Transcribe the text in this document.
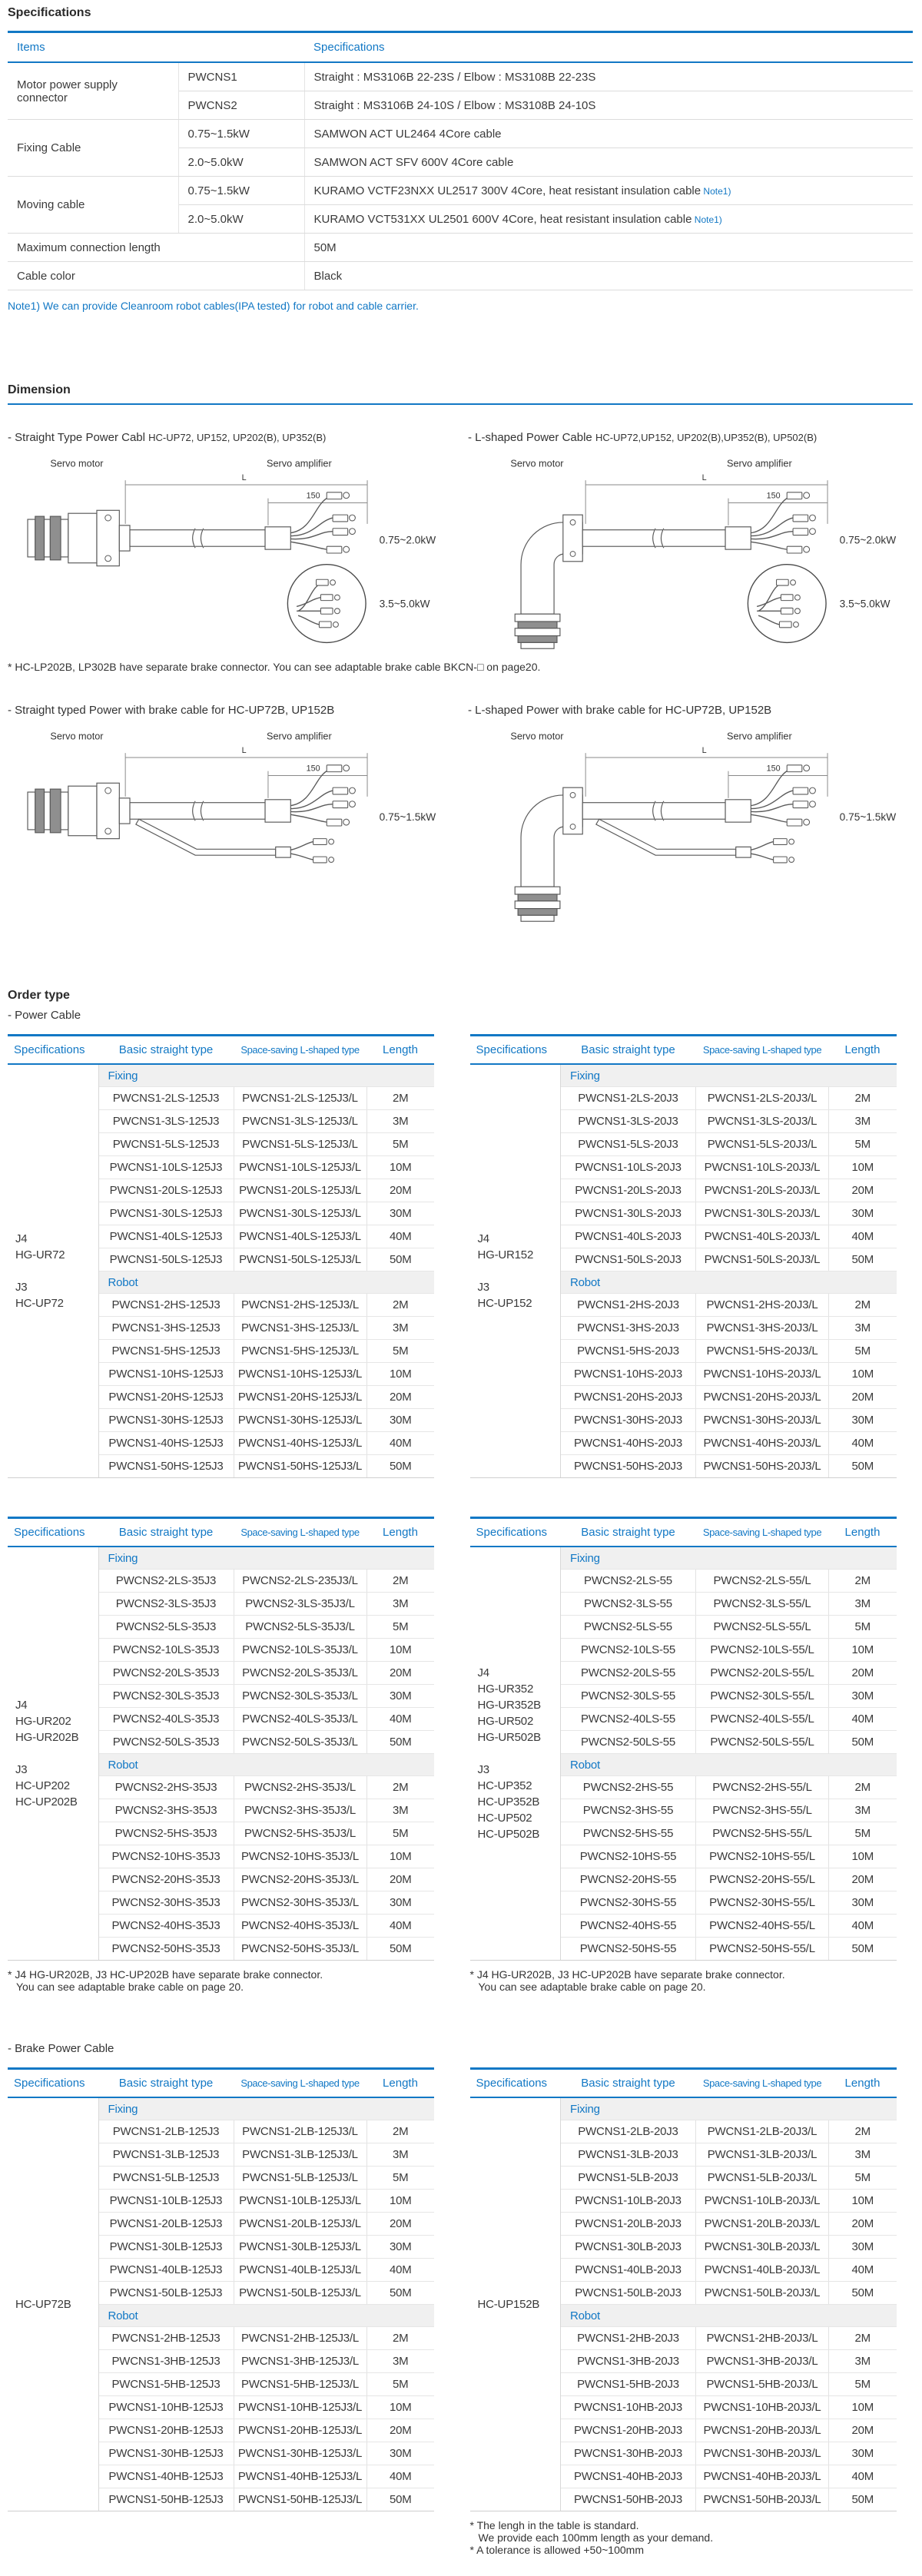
Specifications
Items		Specifications
Motor power supply connector	PWCNS1	Straight : MS3106B 22-23S / Elbow : MS3108B 22-23S
	PWCNS2	Straight : MS3106B 24-10S / Elbow : MS3108B 24-10S
Fixing Cable	0.75~1.5kW	SAMWON ACT UL2464 4Core cable
	2.0~5.0kW	SAMWON ACT SFV 600V 4Core cable
Moving cable	0.75~1.5kW	KURAMO VCTF23NXX UL2517 300V 4Core, heat resistant insulation cable Note1)
	2.0~5.0kW	KURAMO VCT531XX UL2501 600V 4Core, heat resistant insulation cable Note1)
Maximum connection length		50M
Cable color		Black
Note1) We can provide Cleanroom robot cables(IPA tested) for robot and cable carrier.
Dimension
- Straight Type Power Cabl HC-UP72, UP152, UP202(B), UP352(B)	- L-shaped Power Cable HC-UP72,UP152, UP202(B),UP352(B), UP502(B)
Servo motor	Servo amplifier
L
150
0.75~2.0kW
3.5~5.0kW
Servo motor	Servo amplifier
L
150
0.75~2.0kW
3.5~5.0kW
* HC-LP202B, LP302B have separate brake connector. You can see adaptable brake cable BKCN-□ on page20.
- Straight typed Power with brake cable for HC-UP72B, UP152B	- L-shaped Power with brake cable for HC-UP72B, UP152B
Servo motor	Servo amplifier
L
150
0.75~1.5kW
Servo motor	Servo amplifier
L
150
0.75~1.5kW
Order type
- Power Cable
Specifications	Basic straight type	Space-saving L-shaped type	Length

J4
HG-UR72

J3
HC-UP72	Fixing		
	PWCNS1-2LS-125J3	PWCNS1-2LS-125J3/L	2M
	PWCNS1-3LS-125J3	PWCNS1-3LS-125J3/L	3M
	PWCNS1-5LS-125J3	PWCNS1-5LS-125J3/L	5M
	PWCNS1-10LS-125J3	PWCNS1-10LS-125J3/L	10M
	PWCNS1-20LS-125J3	PWCNS1-20LS-125J3/L	20M
	PWCNS1-30LS-125J3	PWCNS1-30LS-125J3/L	30M
	PWCNS1-40LS-125J3	PWCNS1-40LS-125J3/L	40M
	PWCNS1-50LS-125J3	PWCNS1-50LS-125J3/L	50M
	Robot		
	PWCNS1-2HS-125J3	PWCNS1-2HS-125J3/L	2M
	PWCNS1-3HS-125J3	PWCNS1-3HS-125J3/L	3M
	PWCNS1-5HS-125J3	PWCNS1-5HS-125J3/L	5M
	PWCNS1-10HS-125J3	PWCNS1-10HS-125J3/L	10M
	PWCNS1-20HS-125J3	PWCNS1-20HS-125J3/L	20M
	PWCNS1-30HS-125J3	PWCNS1-30HS-125J3/L	30M
	PWCNS1-40HS-125J3	PWCNS1-40HS-125J3/L	40M
	PWCNS1-50HS-125J3	PWCNS1-50HS-125J3/L	50M
Specifications	Basic straight type	Space-saving L-shaped type	Length

J4
HG-UR152

J3
HC-UP152	Fixing		
	PWCNS1-2LS-20J3	PWCNS1-2LS-20J3/L	2M
	PWCNS1-3LS-20J3	PWCNS1-3LS-20J3/L	3M
	PWCNS1-5LS-20J3	PWCNS1-5LS-20J3/L	5M
	PWCNS1-10LS-20J3	PWCNS1-10LS-20J3/L	10M
	PWCNS1-20LS-20J3	PWCNS1-20LS-20J3/L	20M
	PWCNS1-30LS-20J3	PWCNS1-30LS-20J3/L	30M
	PWCNS1-40LS-20J3	PWCNS1-40LS-20J3/L	40M
	PWCNS1-50LS-20J3	PWCNS1-50LS-20J3/L	50M
	Robot		
	PWCNS1-2HS-20J3	PWCNS1-2HS-20J3/L	2M
	PWCNS1-3HS-20J3	PWCNS1-3HS-20J3/L	3M
	PWCNS1-5HS-20J3	PWCNS1-5HS-20J3/L	5M
	PWCNS1-10HS-20J3	PWCNS1-10HS-20J3/L	10M
	PWCNS1-20HS-20J3	PWCNS1-20HS-20J3/L	20M
	PWCNS1-30HS-20J3	PWCNS1-30HS-20J3/L	30M
	PWCNS1-40HS-20J3	PWCNS1-40HS-20J3/L	40M
	PWCNS1-50HS-20J3	PWCNS1-50HS-20J3/L	50M
Specifications	Basic straight type	Space-saving L-shaped type	Length

J4
HG-UR202
HG-UR202B

J3
HC-UP202
HC-UP202B
	Fixing
	PWCNS2-2LS-35J3	PWCNS2-2LS-235J3/L	2M
	PWCNS2-3LS-35J3	PWCNS2-3LS-35J3/L	3M
	PWCNS2-5LS-35J3	PWCNS2-5LS-35J3/L	5M
	PWCNS2-10LS-35J3	PWCNS2-10LS-35J3/L	10M
	PWCNS2-20LS-35J3	PWCNS2-20LS-35J3/L	20M
	PWCNS2-30LS-35J3	PWCNS2-30LS-35J3/L	30M
	PWCNS2-40LS-35J3	PWCNS2-40LS-35J3/L	40M
	PWCNS2-50LS-35J3	PWCNS2-50LS-35J3/L	50M
	Robot		
	PWCNS2-2HS-35J3	PWCNS2-2HS-35J3/L	2M
	PWCNS2-3HS-35J3	PWCNS2-3HS-35J3/L	3M
	PWCNS2-5HS-35J3	PWCNS2-5HS-35J3/L	5M
	PWCNS2-10HS-35J3	PWCNS2-10HS-35J3/L	10M
	PWCNS2-20HS-35J3	PWCNS2-20HS-35J3/L	20M
	PWCNS2-30HS-35J3	PWCNS2-30HS-35J3/L	30M
	PWCNS2-40HS-35J3	PWCNS2-40HS-35J3/L	40M
	PWCNS2-50HS-35J3	PWCNS2-50HS-35J3/L	50M
Specifications	Basic straight type	Space-saving L-shaped type	Length

J4
HG-UR352
HG-UR352B
HG-UR502
HG-UR502B

J3
HC-UP352
HC-UP352B
HC-UP502
HC-UP502B
	Fixing
	PWCNS2-2LS-55	PWCNS2-2LS-55/L	2M
	PWCNS2-3LS-55	PWCNS2-3LS-55/L	3M
	PWCNS2-5LS-55	PWCNS2-5LS-55/L	5M
	PWCNS2-10LS-55	PWCNS2-10LS-55/L	10M
	PWCNS2-20LS-55	PWCNS2-20LS-55/L	20M
	PWCNS2-30LS-55	PWCNS2-30LS-55/L	30M
	PWCNS2-40LS-55	PWCNS2-40LS-55/L	40M
	PWCNS2-50LS-55	PWCNS2-50LS-55/L	50M
	Robot		
	PWCNS2-2HS-55	PWCNS2-2HS-55/L	2M
	PWCNS2-3HS-55	PWCNS2-3HS-55/L	3M
	PWCNS2-5HS-55	PWCNS2-5HS-55/L	5M
	PWCNS2-10HS-55	PWCNS2-10HS-55/L	10M
	PWCNS2-20HS-55	PWCNS2-20HS-55/L	20M
	PWCNS2-30HS-55	PWCNS2-30HS-55/L	30M
	PWCNS2-40HS-55	PWCNS2-40HS-55/L	40M
	PWCNS2-50HS-55	PWCNS2-50HS-55/L	50M
* J4 HG-UR202B, J3 HC-UP202B have separate brake connector.
You can see adaptable brake cable on page 20.
* J4 HG-UR202B, J3 HC-UP202B have separate brake connector.
You can see adaptable brake cable on page 20.
- Brake Power Cable
Specifications	Basic straight type	Space-saving L-shaped type	Length

HC-UP72B	Fixing		
	PWCNS1-2LB-125J3	PWCNS1-2LB-125J3/L	2M
	PWCNS1-3LB-125J3	PWCNS1-3LB-125J3/L	3M
	PWCNS1-5LB-125J3	PWCNS1-5LB-125J3/L	5M
	PWCNS1-10LB-125J3	PWCNS1-10LB-125J3/L	10M
	PWCNS1-20LB-125J3	PWCNS1-20LB-125J3/L	20M
	PWCNS1-30LB-125J3	PWCNS1-30LB-125J3/L	30M
	PWCNS1-40LB-125J3	PWCNS1-40LB-125J3/L	40M
	PWCNS1-50LB-125J3	PWCNS1-50LB-125J3/L	50M
	Robot		
	PWCNS1-2HB-125J3	PWCNS1-2HB-125J3/L	2M
	PWCNS1-3HB-125J3	PWCNS1-3HB-125J3/L	3M
	PWCNS1-5HB-125J3	PWCNS1-5HB-125J3/L	5M
	PWCNS1-10HB-125J3	PWCNS1-10HB-125J3/L	10M
	PWCNS1-20HB-125J3	PWCNS1-20HB-125J3/L	20M
	PWCNS1-30HB-125J3	PWCNS1-30HB-125J3/L	30M
	PWCNS1-40HB-125J3	PWCNS1-40HB-125J3/L	40M
	PWCNS1-50HB-125J3	PWCNS1-50HB-125J3/L	50M
Specifications	Basic straight type	Space-saving L-shaped type	Length

HC-UP152B	Fixing		
	PWCNS1-2LB-20J3	PWCNS1-2LB-20J3/L	2M
	PWCNS1-3LB-20J3	PWCNS1-3LB-20J3/L	3M
	PWCNS1-5LB-20J3	PWCNS1-5LB-20J3/L	5M
	PWCNS1-10LB-20J3	PWCNS1-10LB-20J3/L	10M
	PWCNS1-20LB-20J3	PWCNS1-20LB-20J3/L	20M
	PWCNS1-30LB-20J3	PWCNS1-30LB-20J3/L	30M
	PWCNS1-40LB-20J3	PWCNS1-40LB-20J3/L	40M
	PWCNS1-50LB-20J3	PWCNS1-50LB-20J3/L	50M
	Robot		
	PWCNS1-2HB-20J3	PWCNS1-2HB-20J3/L	2M
	PWCNS1-3HB-20J3	PWCNS1-3HB-20J3/L	3M
	PWCNS1-5HB-20J3	PWCNS1-5HB-20J3/L	5M
	PWCNS1-10HB-20J3	PWCNS1-10HB-20J3/L	10M
	PWCNS1-20HB-20J3	PWCNS1-20HB-20J3/L	20M
	PWCNS1-30HB-20J3	PWCNS1-30HB-20J3/L	30M
	PWCNS1-40HB-20J3	PWCNS1-40HB-20J3/L	40M
	PWCNS1-50HB-20J3	PWCNS1-50HB-20J3/L	50M
* The lengh in the table is standard.
We provide each 100mm length as your demand.
* A tolerance is allowed +50~100mm
